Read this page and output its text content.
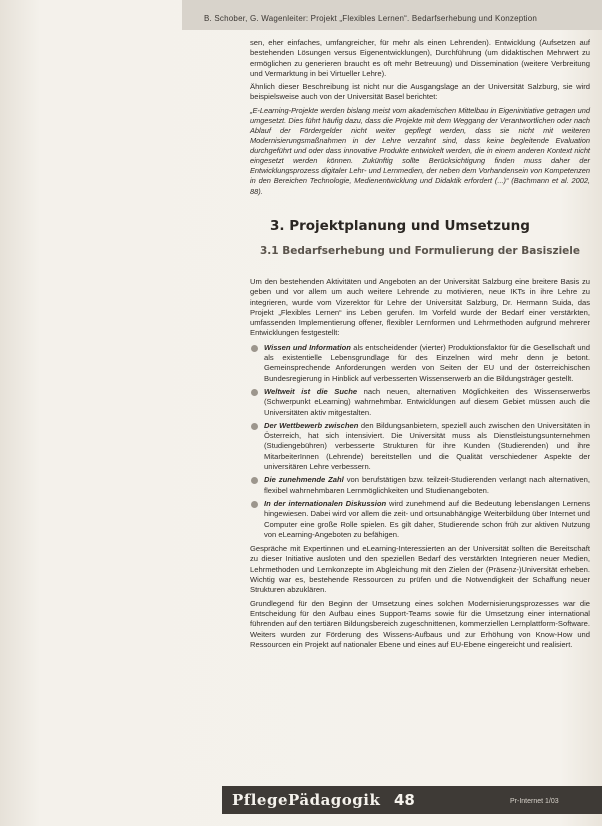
B. Schober, G. Wagenleiter: Projekt „Flexibles Lernen“. Bedarfserhebung und Konzeption

sen, eher einfaches, umfangreicher, für mehr als einen Lehrenden). Entwicklung (Aufsetzen auf bestehenden Lösungen versus Eigenentwicklungen), Durchführung (um didaktischen Mehrwert zu ermöglichen zu generieren braucht es oft mehr Betreuung) und Dissemination (weitere Verbreitung und Vermarktung in bei Virtueller Lehre).

Ähnlich dieser Beschreibung ist nicht nur die Ausgangslage an der Universität Salzburg, sie wird beispielsweise auch von der Universität Basel berichtet:

„E-Learning-Projekte werden bislang meist vom akademischen Mittelbau in Eigeninitiative getragen und umgesetzt. Dies führt häufig dazu, dass die Projekte mit dem Weggang der Verantwortlichen oder nach Ablauf der Fördergelder nicht weiter gepflegt werden, dass sie nicht mit weiteren Modernisierungsmaßnahmen in der Lehre verzahnt sind, dass keine begleitende Evaluation durchgeführt und oder dass innovative Produkte entwickelt werden, die in einem anderen Kontext nicht eingesetzt werden können. Zukünftig sollte Berücksichtigung finden muss daher der Entwicklungsprozess digitaler Lehr- und Lernmedien, der neben dem Vorhandensein von Kompetenzen in den Bereichen Technologie, Medienentwicklung und Didaktik erfordert (...)“ (Bachmann et al. 2002, 88).

3. Projektplanung und Umsetzung
3.1 Bedarfserhebung und Formulierung der Basisziele

Um den bestehenden Aktivitäten und Angeboten an der Universität Salzburg eine breitere Basis zu geben und vor allem um auch weitere Lehrende zu motivieren, neue IKTs in ihre Lehre zu integrieren, wurde vom Vizerektor für Lehre der Universität Salzburg, Dr. Hermann Suida, das Projekt „Flexibles Lernen“ ins Leben gerufen. Im Vorfeld wurde der Bedarf einer verstärkten, umfassenden Implementierung offener, flexibler Lernformen und Lehrmethoden aufgrund mehrerer Entwicklungen festgestellt:

Wissen und Information als entscheidender (vierter) Produktionsfaktor für die Gesellschaft und als existentielle Lebensgrundlage für des Einzelnen wird mehr denn je betont. Gemeinsprechende Anforderungen werden von Seiten der EU und der österreichischen Bundesregierung in Hinblick auf verbesserten Wissenserwerb an die Bildungsträger gestellt.

Weltweit ist die Suche nach neuen, alternativen Möglichkeiten des Wissenserwerbs (Schwerpunkt eLearning) wahrnehmbar. Entwicklungen auf diesem Gebiet müssen auch die Universitäten aktiv mitgestalten.

Der Wettbewerb zwischen den Bildungsanbietern, speziell auch zwischen den Universitäten in Österreich, hat sich intensiviert. Die Universität muss als Dienstleistungsunternehmen (Studiengebühren) verbesserte Strukturen für ihre Kunden (Studierenden) und ihre MitarbeiterInnen (Lehrende) bereitstellen und die Qualität verschiedener Aspekte der universitären Lehre verbessern.

Die zunehmende Zahl von berufstätigen bzw. teilzeit-Studierenden verlangt nach alternativen, flexibel wahrnehmbaren Lernmöglichkeiten und Studienangeboten.

In der internationalen Diskussion wird zunehmend auf die Bedeutung lebenslangen Lernens hingewiesen. Dabei wird vor allem die zeit- und ortsunabhängige Weiterbildung über Internet und Computer eine große Rolle spielen. Es gilt daher, Studierende schon früh zur aktiven Nutzung von eLearning-Angeboten zu befähigen.

Gespräche mit Expertinnen und eLearning-Interessierten an der Universität sollten die Bereitschaft zu dieser Initiative ausloten und den speziellen Bedarf des verstärkten Integrieren neuer Medien, Lehrmethoden und Lernkonzepte im Abgleichung mit den Zielen der (Präsenz-)Universität erheben. Wichtig war es, bestehende Ressourcen zu prüfen und die Notwendigkeit der Schaffung neuer Strukturen abzuklären.

Grundlegend für den Beginn der Umsetzung eines solchen Modernisierungsprozesses war die Entscheidung für den Aufbau eines Support-Teams sowie für die Umsetzung einer international führenden auf den tertiären Bildungsbereich zugeschnittenen, kommerziellen Lernplattform-Software. Weiters wurden zur Förderung des Wissens-Aufbaus und zur Erhöhung von Know-How und Ressourcen ein Projekt auf nationaler Ebene und eines auf EU-Ebene eingereicht und realisiert.

PflegePädagogik 48	Pr-Internet 1/03
